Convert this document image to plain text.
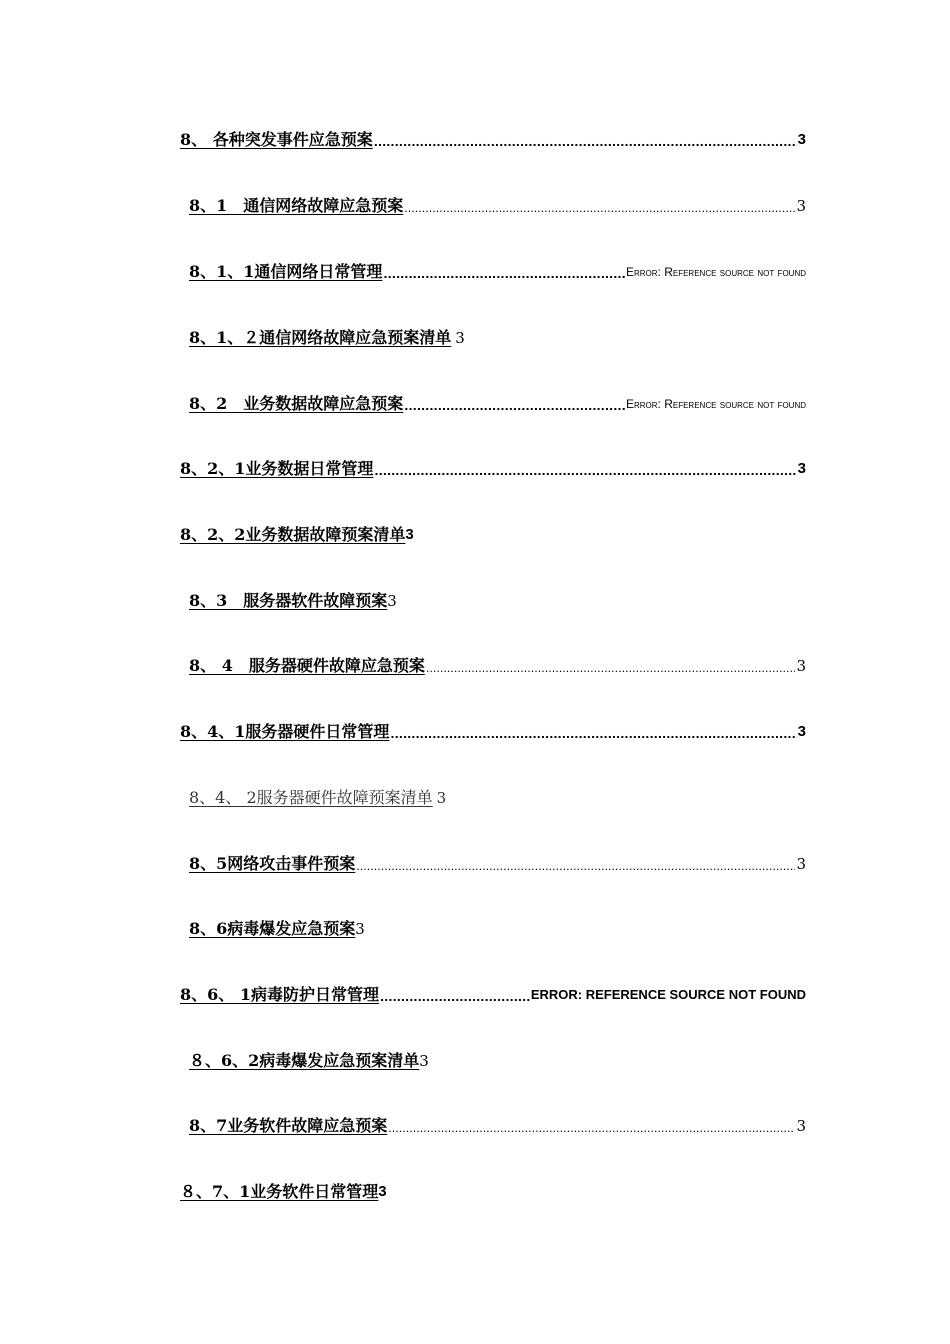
8、 各种突发事件应急预案 .....	3
8、1　通信网络故障应急预案 .....	3
8、1、1通信网络日常管理 .....	Error: Reference source not found
8、1、２通信网络故障应急预案清单 3
8、2　业务数据故障应急预案 .....	Error: Reference source not found
8、2、1业务数据日常管理 .....	3
8、2、2业务数据故障预案清单 3
8、3　服务器软件故障预案 3
8、 4　服务器硬件故障应急预案 .....	3
8、4、1服务器硬件日常管理 .....	3
8、4、 2服务器硬件故障预案清单 3
8、5网络攻击事件预案 .....	3
8、6病毒爆发应急预案 3
8、6、 1病毒防护日常管理 .....	ERROR: REFERENCE SOURCE NOT FOUND
８、6、2病毒爆发应急预案清单 3
8、7业务软件故障应急预案 .....	3
８、7、1业务软件日常管理 3
